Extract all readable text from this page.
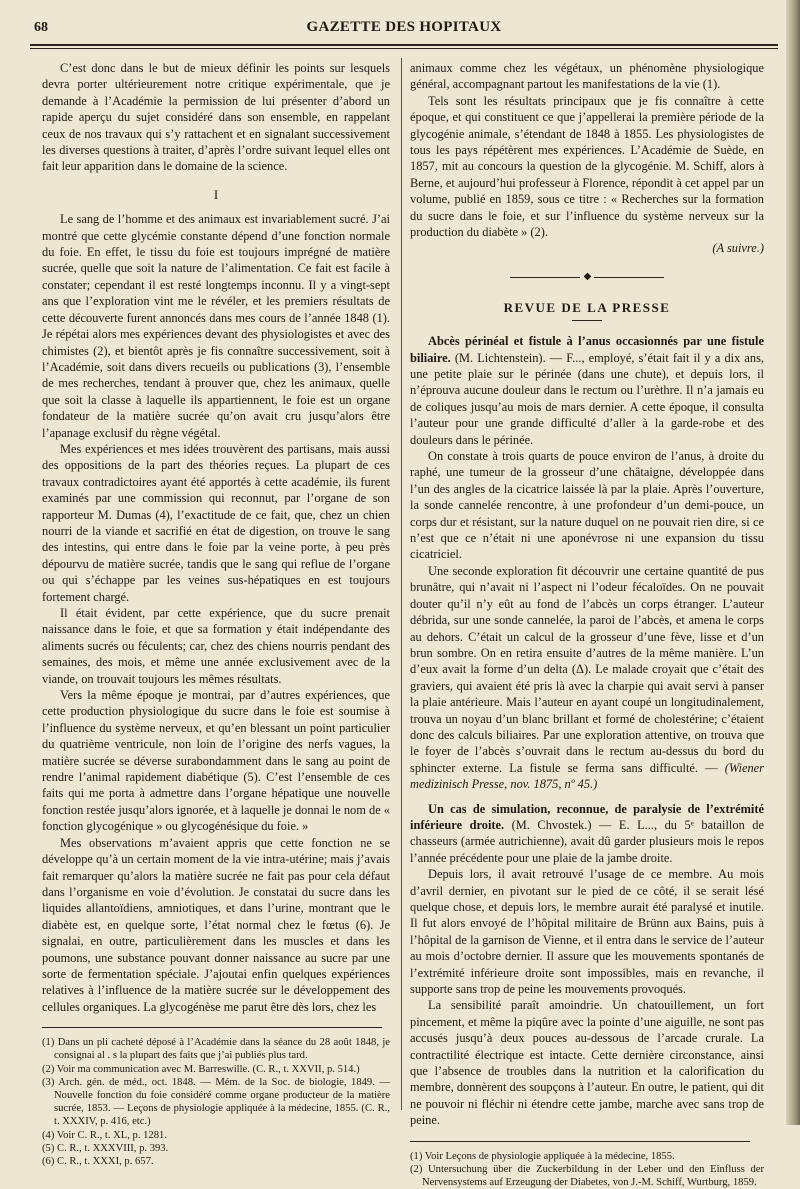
68	GAZETTE DES HOPITAUX

C’est donc dans le but de mieux définir les points sur lesquels devra porter ultérieurement notre critique expérimentale, que je demande à l’Académie la permission de lui présenter d’abord un rapide aperçu du sujet considéré dans son ensemble, en rappelant ceux de nos travaux qui s’y rattachent et en signalant successivement les diverses questions à traiter, d’après l’ordre suivant lequel elles ont fait leur apparition dans le domaine de la science.

I

Le sang de l’homme et des animaux est invariablement sucré. J’ai montré que cette glycémie constante dépend d’une fonction normale du foie. En effet, le tissu du foie est toujours imprégné de matière sucrée, quelle que soit la nature de l’alimentation. Ce fait est facile à constater; cependant il est resté longtemps inconnu. Il y a vingt-sept ans que l’exploration vint me le révéler, et les premiers résultats de cette découverte furent annoncés dans mes cours de l’année 1848 (1). Je répétai alors mes expériences devant des physiologistes et avec des chimistes (2), et bientôt après je fis connaître successivement, soit à l’Académie, soit dans divers recueils ou publications (3), l’ensemble de mes recherches, tendant à prouver que, chez les animaux, quelle que soit la classe à laquelle ils appartiennent, le foie est un organe fondateur de la matière sucrée qu’on avait cru jusqu’alors être l’apanage exclusif du règne végétal.

Mes expériences et mes idées trouvèrent des partisans, mais aussi des oppositions de la part des théories reçues. La plupart de ces travaux contradictoires ayant été apportés à cette académie, ils furent examinés par une commission qui reconnut, par l’organe de son rapporteur M. Dumas (4), l’exactitude de ce fait, que, chez un chien nourri de la viande et sacrifié en état de digestion, on trouve le sang des intestins, qui entre dans le foie par la veine porte, à peu près dépourvu de matière sucrée, tandis que le sang qui reflue de l’organe ou qui s’échappe par les veines sus-hépatiques en est toujours fortement chargé.

Il était évident, par cette expérience, que du sucre prenait naissance dans le foie, et que sa formation y était indépendante des aliments sucrés ou féculents; car, chez des chiens nourris pendant des semaines, des mois, et même une année exclusivement avec de la viande, on trouvait toujours les mêmes résultats.

Vers la même époque je montrai, par d’autres expériences, que cette production physiologique du sucre dans le foie est soumise à l’influence du système nerveux, et qu’en blessant un point particulier du quatrième ventricule, non loin de l’origine des nerfs vagues, la matière sucrée se déverse surabondamment dans le sang au point de rendre l’animal rapidement diabétique (5). C’est l’ensemble de ces faits qui me porta à admettre dans l’organe hépatique une nouvelle fonction restée jusqu’alors ignorée, et à laquelle je donnai le nom de « fonction glycogénique » ou glycogénésique du foie. »

Mes observations m’avaient appris que cette fonction ne se développe qu’à un certain moment de la vie intra-utérine; mais j’avais fait remarquer qu’alors la matière sucrée ne fait pas pour cela défaut dans l’organisme en voie d’évolution. Je constatai du sucre dans les liquides allantoïdiens, amniotiques, et dans l’urine, montrant que le diabète est, en quelque sorte, l’état normal chez le fœtus (6). Je signalai, en outre, particulièrement dans les muscles et dans les poumons, une substance pouvant donner naissance au sucre par une sorte de fermentation spéciale. J’ajoutai enfin quelques expériences relatives à l’influence de la matière sucrée sur le développement des cellules organiques. La glycogénèse me parut être dès lors, chez les

(1) Dans un pli cacheté déposé à l’Académie dans la séance du 28 août 1848, je consignai al . s la plupart des faits que j’ai publiés plus tard.

(2) Voir ma communication avec M. Barreswille. (C. R., t. XXVII, p. 514.)

(3) Arch. gén. de méd., oct. 1848. — Mém. de la Soc. de biologie, 1849. — Nouvelle fonction du foie considéré comme organe producteur de la matière sucrée, 1853. — Leçons de physiologie appliquée à la médecine, 1855. (C. R., t. XXXIV, p. 416, etc.)

(4) Voir C. R., t. XL, p. 1281.

(5) C. R., t. XXXVIII, p. 393.

(6) C. R., t. XXXI, p. 657.

animaux comme chez les végétaux, un phénomène physiologique général, accompagnant partout les manifestations de la vie (1).

Tels sont les résultats principaux que je fis connaître à cette époque, et qui constituent ce que j’appellerai la première période de la glycogénie animale, s’étendant de 1848 à 1855. Les physiologistes de tous les pays répétèrent mes expériences. L’Académie de Suède, en 1857, mit au concours la question de la glycogénie. M. Schiff, alors à Berne, et aujourd’hui professeur à Florence, répondit à cet appel par un volume, publié en 1859, sous ce titre : « Recherches sur la formation du sucre dans le foie, et sur l’influence du système nerveux sur la production du diabète » (2).

(A suivre.)

◆
REVUE DE LA PRESSE

Abcès périnéal et fistule à l’anus occasionnés par une fistule biliaire. (M. Lichtenstein). — F..., employé, s’était fait il y a dix ans, une petite plaie sur le périnée (dans une chute), et depuis lors, il n’éprouva aucune douleur dans le rectum ou l’urèthre. Il n’a jamais eu de coliques jusqu’au mois de mars dernier. A cette époque, il consulta l’auteur pour une grande difficulté d’aller à la garde-robe et des douleurs dans le périnée.

On constate à trois quarts de pouce environ de l’anus, à droite du raphé, une tumeur de la grosseur d’une châtaigne, développée dans l’un des angles de la cicatrice laissée là par la plaie. Après l’ouverture, la sonde cannelée rencontre, à une profondeur d’un demi-pouce, un corps dur et résistant, sur la nature duquel on ne pouvait rien dire, si ce n’est que ce n’était ni une aponévrose ni une expansion du tissu cicatriciel.

Une seconde exploration fit découvrir une certaine quantité de pus brunâtre, qui n’avait ni l’aspect ni l’odeur fécaloïdes. On ne pouvait douter qu’il n’y eût au fond de l’abcès un corps étranger. L’auteur débrida, sur une sonde cannelée, la paroi de l’abcès, et amena le corps au dehors. C’était un calcul de la grosseur d’une fève, lisse et d’un brun sombre. On en retira ensuite d’autres de la même manière. L’un d’eux avait la forme d’un delta (Δ). Le malade croyait que c’était des graviers, qui avaient été pris là avec la charpie qui avait servi à panser la plaie antérieure. Mais l’auteur en ayant coupé un longitudinalement, trouva un noyau d’un blanc brillant et formé de cholestérine; c’étaient donc des calculs biliaires. Par une exploration attentive, on trouva que le foyer de l’abcès s’ouvrait dans le rectum au-dessus du bord du sphincter externe. La fistule se ferma sans difficulté. — (Wiener medizinisch Presse, nov. 1875, nº 45.)

Un cas de simulation, reconnue, de paralysie de l’extrémité inférieure droite. (M. Chvostek.) — E. L..., du 5ᵉ bataillon de chasseurs (armée autrichienne), avait dû garder plusieurs mois le repos l’année précédente pour une plaie de la jambe droite.

Depuis lors, il avait retrouvé l’usage de ce membre. Au mois d’avril dernier, en pivotant sur le pied de ce côté, il se serait lésé quelque chose, et depuis lors, le membre aurait été paralysé et inutile. Il fut alors envoyé de l’hôpital militaire de Brünn aux Bains, puis à l’hôpital de la garnison de Vienne, et il entra dans le service de l’auteur au mois d’octobre dernier. Il assure que les mouvements spontanés de l’extrémité inférieure droite sont impossibles, mais en revanche, il supporte sans trop de peine les mouvements provoqués.

La sensibilité paraît amoindrie. Un chatouillement, un fort pincement, et même la piqûre avec la pointe d’une aiguille, ne sont pas accusés jusqu’à deux pouces au-dessous de l’arcade crurale. La contractilité électrique est intacte. Cette dernière circonstance, ainsi que l’absence de troubles dans la nutrition et la calorification du membre, donnèrent des soupçons à l’auteur. En outre, le patient, qui dit ne pouvoir ni fléchir ni étendre cette jambe, marche avec sans trop de peine.

(1) Voir Leçons de physiologie appliquée à la médecine, 1855.

(2) Untersuchung über die Zuckerbildung in der Leber und den Einfluss der Nervensystems auf Erzeugung der Diabetes, von J.-M. Schiff, Wurtburg, 1859.
